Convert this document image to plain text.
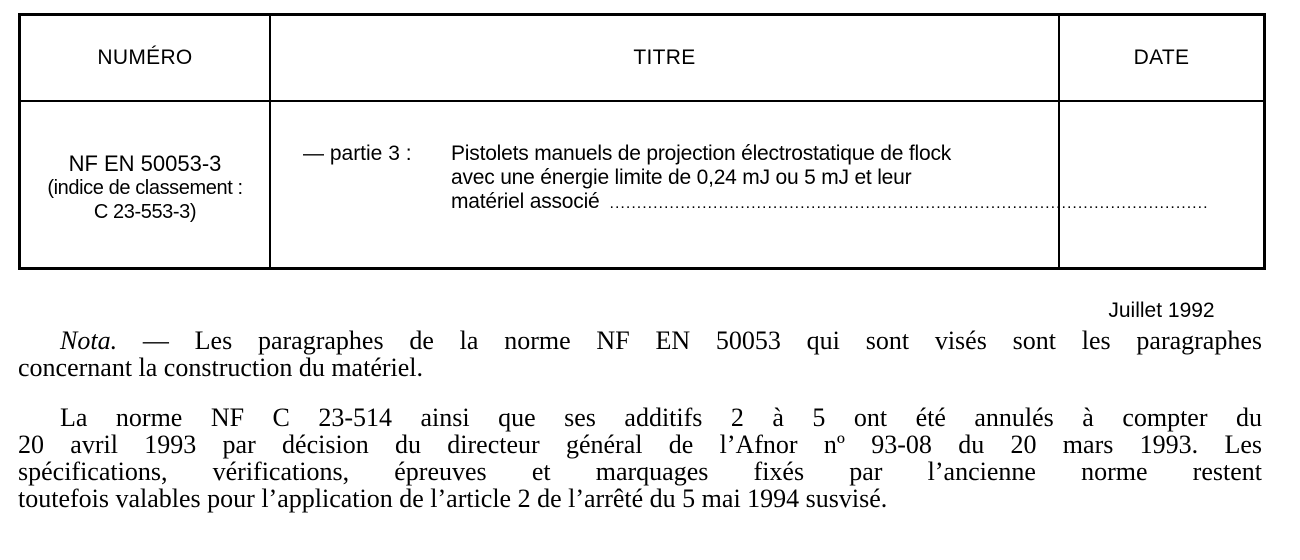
NUMÉRO	TITRE	DATE
NF EN 50053-3
(indice de classement :
C 23-553-3)
— partie 3 : Pistolets manuels de projection électrostatique de flock
avec une énergie limite de 0,24 mJ ou 5 mJ et leur
matériel associé ..............................................................................................................
Juillet 1992
Nota. — Les paragraphes de la norme NF EN 50053 qui sont visés sont les paragraphes
concernant la construction du matériel.
La norme NF C 23-514 ainsi que ses additifs 2 à 5 ont été annulés à compter du
20 avril 1993 par décision du directeur général de l’Afnor nº 93-08 du 20 mars 1993. Les
spécifications, vérifications, épreuves et marquages fixés par l’ancienne norme restent
toutefois valables pour l’application de l’article 2 de l’arrêté du 5 mai 1994 susvisé.
